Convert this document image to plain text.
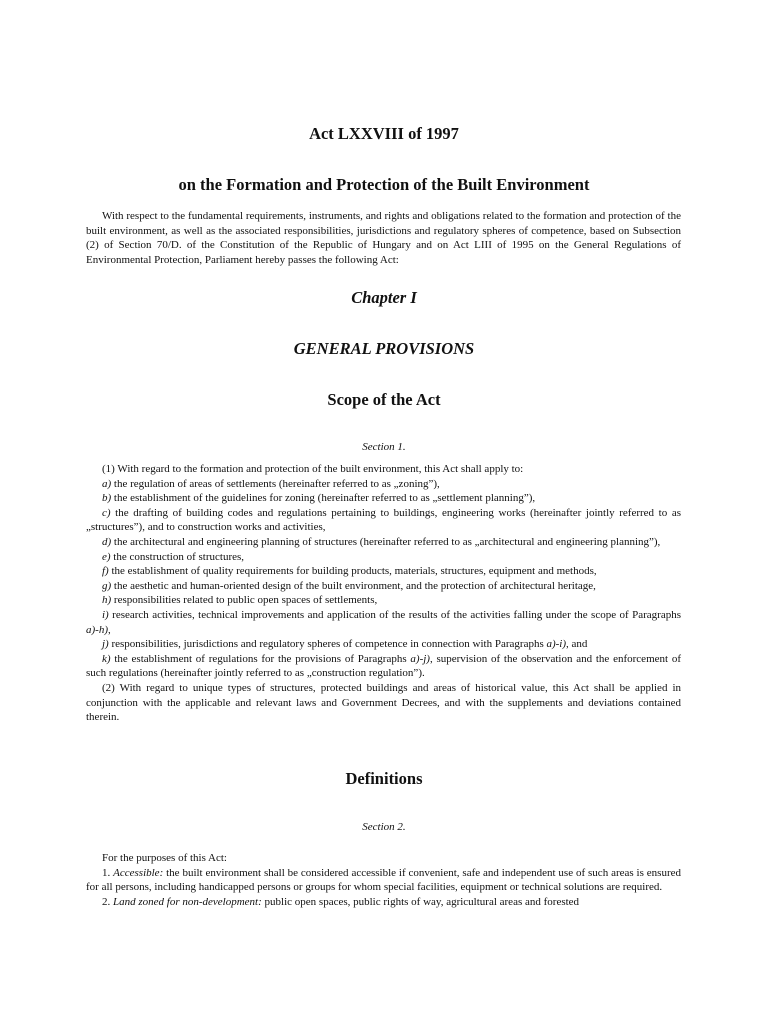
Act LXXVIII of 1997
on the Formation and Protection of the Built Environment

With respect to the fundamental requirements, instruments, and rights and obligations related to the formation and protection of the built environment, as well as the associated responsibilities, jurisdictions and regulatory spheres of competence, based on Subsection (2) of Section 70/D. of the Constitution of the Republic of Hungary and on Act LIII of 1995 on the General Regulations of Environmental Protection, Parliament hereby passes the following Act:

Chapter I
GENERAL PROVISIONS
Scope of the Act
Section 1.

(1) With regard to the formation and protection of the built environment, this Act shall apply to:

a) the regulation of areas of settlements (hereinafter referred to as „zoning”),

b) the establishment of the guidelines for zoning (hereinafter referred to as „settlement planning”),

c) the drafting of building codes and regulations pertaining to buildings, engineering works (hereinafter jointly referred to as „structures”), and to construction works and activities,

d) the architectural and engineering planning of structures (hereinafter referred to as „architectural and engineering planning”),

e) the construction of structures,

f) the establishment of quality requirements for building products, materials, structures, equipment and methods,

g) the aesthetic and human-oriented design of the built environment, and the protection of architectural heritage,

h) responsibilities related to public open spaces of settlements,

i) research activities, technical improvements and application of the results of the activities falling under the scope of Paragraphs a)-h),

j) responsibilities, jurisdictions and regulatory spheres of competence in connection with Paragraphs a)-i), and

k) the establishment of regulations for the provisions of Paragraphs a)-j), supervision of the observation and the enforcement of such regulations (hereinafter jointly referred to as „construction regulation”).

(2) With regard to unique types of structures, protected buildings and areas of historical value, this Act shall be applied in conjunction with the applicable and relevant laws and Government Decrees, and with the supplements and deviations contained therein.

Definitions
Section 2.

For the purposes of this Act:

1. Accessible: the built environment shall be considered accessible if convenient, safe and independent use of such areas is ensured for all persons, including handicapped persons or groups for whom special facilities, equipment or technical solutions are required.

2. Land zoned for non-development: public open spaces, public rights of way, agricultural areas and forested
